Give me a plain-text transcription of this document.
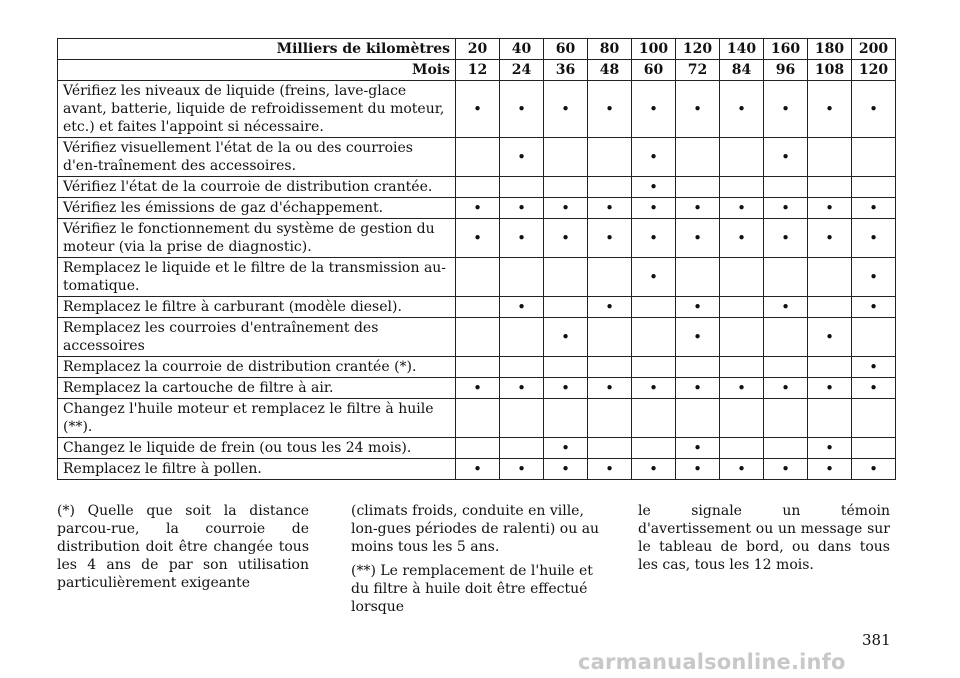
Milliers de kilomètres	20	40	60	80	100	120	140	160	180	200
Mois	12	24	36	48	60	72	84	96	108	120
Vérifiez les niveaux de liquide (freins, lave-glace avant, batterie, liquide de refroidissement du moteur, etc.) et faites l'appoint si nécessaire.	•	•	•	•	•	•	•	•	•	•
Vérifiez visuellement l'état de la ou des courroies d'en-traînement des accessoires.		•			•			•		
Vérifiez l'état de la courroie de distribution crantée.					•					
Vérifiez les émissions de gaz d'échappement.	•	•	•	•	•	•	•	•	•	•
Vérifiez le fonctionnement du système de gestion du moteur (via la prise de diagnostic).	•	•	•	•	•	•	•	•	•	•
Remplacez le liquide et le filtre de la transmission au-tomatique.					•					•
Remplacez le filtre à carburant (modèle diesel).		•		•		•		•		•
Remplacez les courroies d'entraînement des accessoires			•			•			•	
Remplacez la courroie de distribution crantée (*).										•
Remplacez la cartouche de filtre à air.	•	•	•	•	•	•	•	•	•	•
Changez l'huile moteur et remplacez le filtre à huile (**).										
Changez le liquide de frein (ou tous les 24 mois).			•			•			•	
Remplacez le filtre à pollen.	•	•	•	•	•	•	•	•	•	•

(*) Quelle que soit la distance parcou-rue, la courroie de distribution doit être changée tous les 4 ans de par son utilisation particulièrement exigeante

(climats froids, conduite en ville, lon-gues périodes de ralenti) ou au moins tous les 5 ans.

(**) Le remplacement de l'huile et du filtre à huile doit être effectué lorsque

le signale un témoin d'avertissement ou un message sur le tableau de bord, ou dans tous les cas, tous les 12 mois.

381
carmanualsonline.info
